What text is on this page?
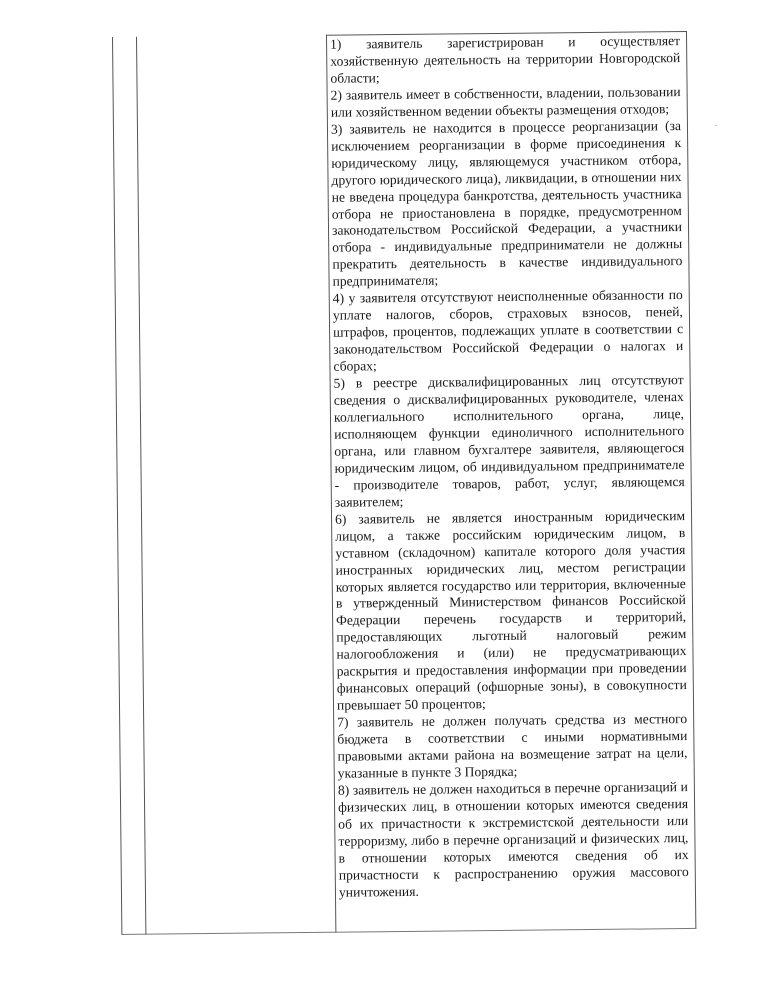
1) заявитель зарегистрирован и осуществляет хозяйственную деятельность на территории Новгородской области;

2) заявитель имеет в собственности, владении, пользовании или хозяйственном ведении объекты размещения отходов;

3) заявитель не находится в процессе реорганизации (за исключением реорганизации в форме присоединения к юридическому лицу, являющемуся участником отбора, другого юридического лица), ликвидации, в отношении них не введена процедура банкротства, деятельность участника отбора не приостановлена в порядке, предусмотренном законодательством Российской Федерации, а участники отбора - индивидуальные предприниматели не должны прекратить деятельность в качестве индивидуального предпринимателя;

4) у заявителя отсутствуют неисполненные обязанности по уплате налогов, сборов, страховых взносов, пеней, штрафов, процентов, подлежащих уплате в соответствии с законодательством Российской Федерации о налогах и сборах;

5) в реестре дисквалифицированных лиц отсутствуют сведения о дисквалифицированных руководителе, членах коллегиального исполнительного органа, лице, исполняющем функции единоличного исполнительного органа, или главном бухгалтере заявителя, являющегося юридическим лицом, об индивидуальном предпринимателе - производителе товаров, работ, услуг, являющемся заявителем;

6) заявитель не является иностранным юридическим лицом, а также российским юридическим лицом, в уставном (складочном) капитале которого доля участия иностранных юридических лиц, местом регистрации которых является государство или территория, включенные в утвержденный Министерством финансов Российской Федерации перечень государств и территорий, предоставляющих льготный налоговый режим налогообложения и (или) не предусматривающих раскрытия и предоставления информации при проведении финансовых операций (офшорные зоны), в совокупности превышает 50 процентов;

7) заявитель не должен получать средства из местного бюджета в соответствии с иными нормативными правовыми актами района на возмещение затрат на цели, указанные в пункте 3 Порядка;

8) заявитель не должен находиться в перечне организаций и физических лиц, в отношении которых имеются сведения об их причастности к экстремистской деятельности или терроризму, либо в перечне организаций и физических лиц, в отношении которых имеются сведения об их причастности к распространению оружия массового уничтожения.

·
